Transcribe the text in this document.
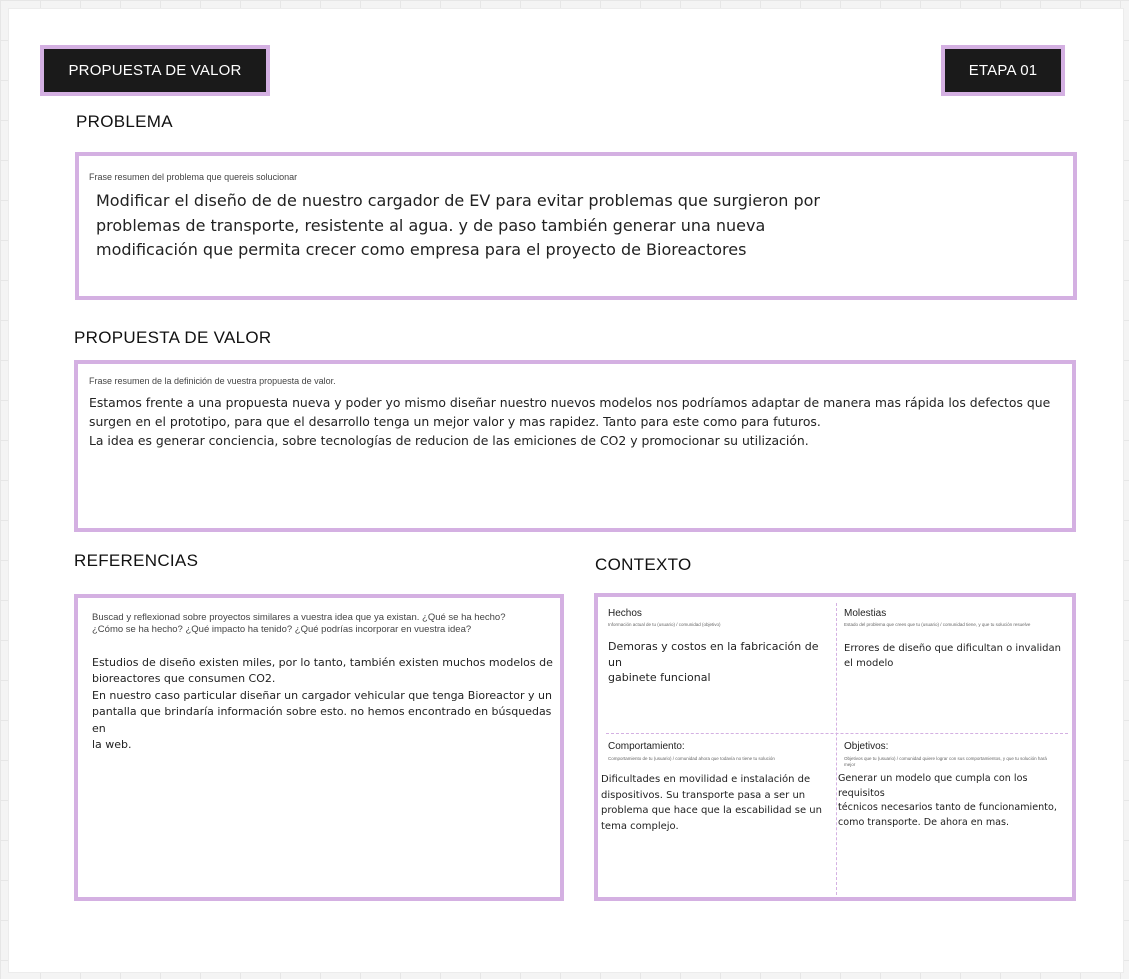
PROPUESTA DE VALOR	ETAPA 01
PROBLEMA
Frase resumen del problema que quereis solucionar
Modificar el diseño de de nuestro cargador de EV para evitar problemas que surgieron por
problemas de transporte, resistente al agua. y de paso también generar una nueva
modificación que permita crecer como empresa para el proyecto de Bioreactores
PROPUESTA DE VALOR
Frase resumen de la definición de vuestra propuesta de valor.
Estamos frente a una propuesta nueva y poder yo mismo diseñar nuestro nuevos modelos nos podríamos adaptar de manera mas rápida los defectos que
surgen en el prototipo, para que el desarrollo tenga un mejor valor y mas rapidez. Tanto para este como para futuros.
La idea es generar conciencia, sobre tecnologías de reducion de las emiciones de CO2 y promocionar su utilización.
REFERENCIAS
Buscad y reflexionad sobre proyectos similares a vuestra idea que ya existan. ¿Qué se ha hecho? ¿Cómo se ha hecho? ¿Qué impacto ha tenido? ¿Qué podrías incorporar en vuestra idea?
Estudios de diseño existen miles, por lo tanto, también existen muchos modelos de
bioreactores que consumen CO2.
En nuestro caso particular diseñar un cargador vehicular que tenga Bioreactor y un
pantalla que brindaría información sobre esto. no hemos encontrado en búsquedas en
la web.
CONTEXTO
Hechos
Información actual de tu (usuario) / comunidad (objetivo)
Demoras y costos en la fabricación de un
gabinete funcional
Molestias
Estado del problema que crees que tu (usuario) / comunidad tiene, y que tu solución resuelve
Errores de diseño que dificultan o invalidan
el modelo
Comportamiento:
Comportamiento de tu (usuario) / comunidad ahora que todavía no tiene tu solución
Dificultades en movilidad e instalación de
dispositivos. Su transporte pasa a ser un
problema que hace que la escabilidad se un
tema complejo.
Objetivos:
Objetivos que tu (usuario) / comunidad quiere lograr con sus comportamientos, y que tu solución hará mejor
Generar un modelo que cumpla con los requisitos
técnicos necesarios tanto de funcionamiento,
como transporte. De ahora en mas.
